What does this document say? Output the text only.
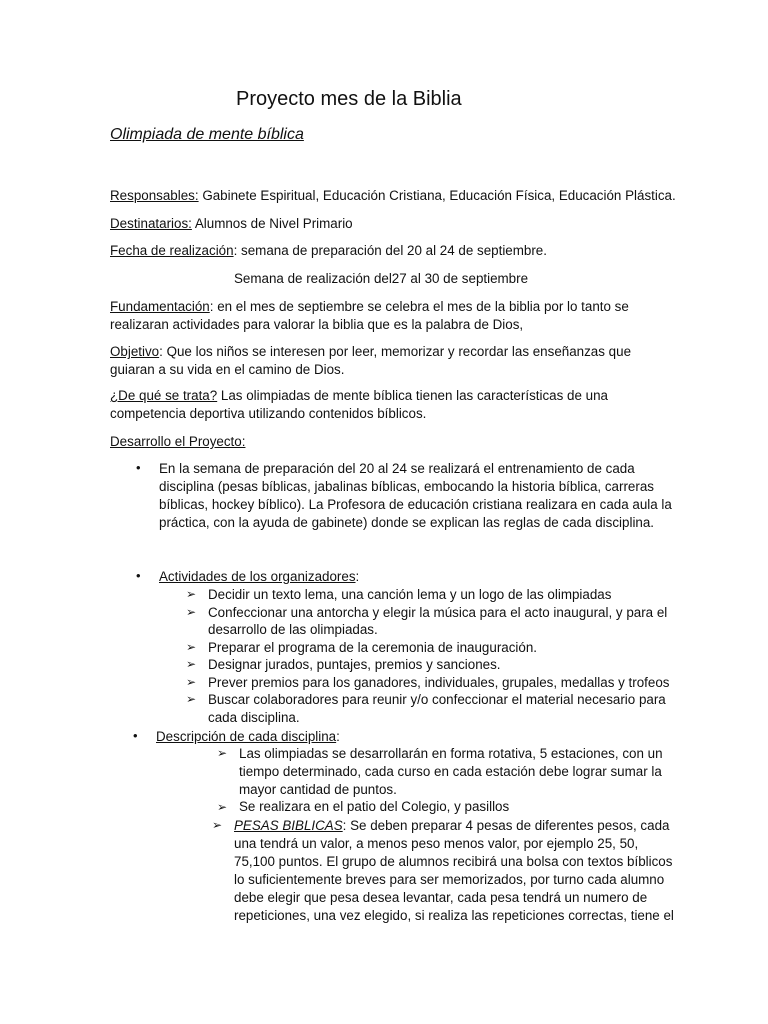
Proyecto mes de la Biblia
Olimpiada de mente bíblica
Responsables: Gabinete Espiritual, Educación Cristiana, Educación Física, Educación Plástica.
Destinatarios: Alumnos de Nivel Primario
Fecha de realización: semana de preparación del 20 al 24 de septiembre.
Semana de realización del27 al 30 de septiembre
Fundamentación: en el mes de septiembre se celebra el mes de la biblia por lo tanto se
realizaran actividades para valorar la biblia que es la palabra de Dios,
Objetivo: Que los niños se interesen por leer, memorizar y recordar las enseñanzas que
guiaran a su vida en el camino de Dios.
¿De qué se trata? Las olimpiadas de mente bíblica tienen las características de una
competencia deportiva utilizando contenidos bíblicos.
Desarrollo el Proyecto:
• En la semana de preparación del 20 al 24 se realizará el entrenamiento de cada
disciplina (pesas bíblicas, jabalinas bíblicas, embocando la historia bíblica, carreras
bíblicas, hockey bíblico). La Profesora de educación cristiana realizara en cada aula la
práctica, con la ayuda de gabinete) donde se explican las reglas de cada disciplina.
• Actividades de los organizadores:
➢ Decidir un texto lema, una canción lema y un logo de las olimpiadas
➢ Confeccionar una antorcha y elegir la música para el acto inaugural, y para el
desarrollo de las olimpiadas.
➢ Preparar el programa de la ceremonia de inauguración.
➢ Designar jurados, puntajes, premios y sanciones.
➢ Prever premios para los ganadores, individuales, grupales, medallas y trofeos
➢ Buscar colaboradores para reunir y/o confeccionar el material necesario para
cada disciplina.
• Descripción de cada disciplina:
➢ Las olimpiadas se desarrollarán en forma rotativa, 5 estaciones, con un
tiempo determinado, cada curso en cada estación debe lograr sumar la
mayor cantidad de puntos.
➢ Se realizara en el patio del Colegio, y pasillos
➢ PESAS BIBLICAS: Se deben preparar 4 pesas de diferentes pesos, cada
una tendrá un valor, a menos peso menos valor, por ejemplo 25, 50,
75,100 puntos. El grupo de alumnos recibirá una bolsa con textos bíblicos
lo suficientemente breves para ser memorizados, por turno cada alumno
debe elegir que pesa desea levantar, cada pesa tendrá un numero de
repeticiones, una vez elegido, si realiza las repeticiones correctas, tiene el
